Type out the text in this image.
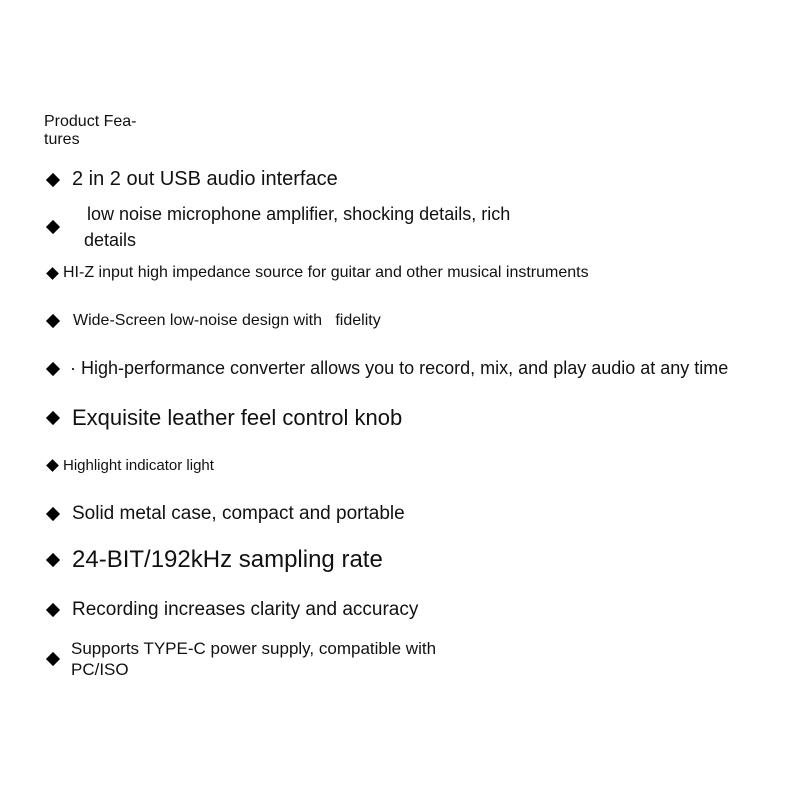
Product Fea-
tures
2 in 2 out USB audio interface
low noise microphone amplifier, shocking details, rich
details
HI-Z input high impedance source for guitar and other musical instruments
Wide-Screen low-noise design with   fidelity
· High-performance converter allows you to record, mix, and play audio at any time
Exquisite leather feel control knob
Highlight indicator light
Solid metal case, compact and portable
24-BIT/192kHz sampling rate
Recording increases clarity and accuracy
Supports TYPE-C power supply, compatible with
PC/ISO
